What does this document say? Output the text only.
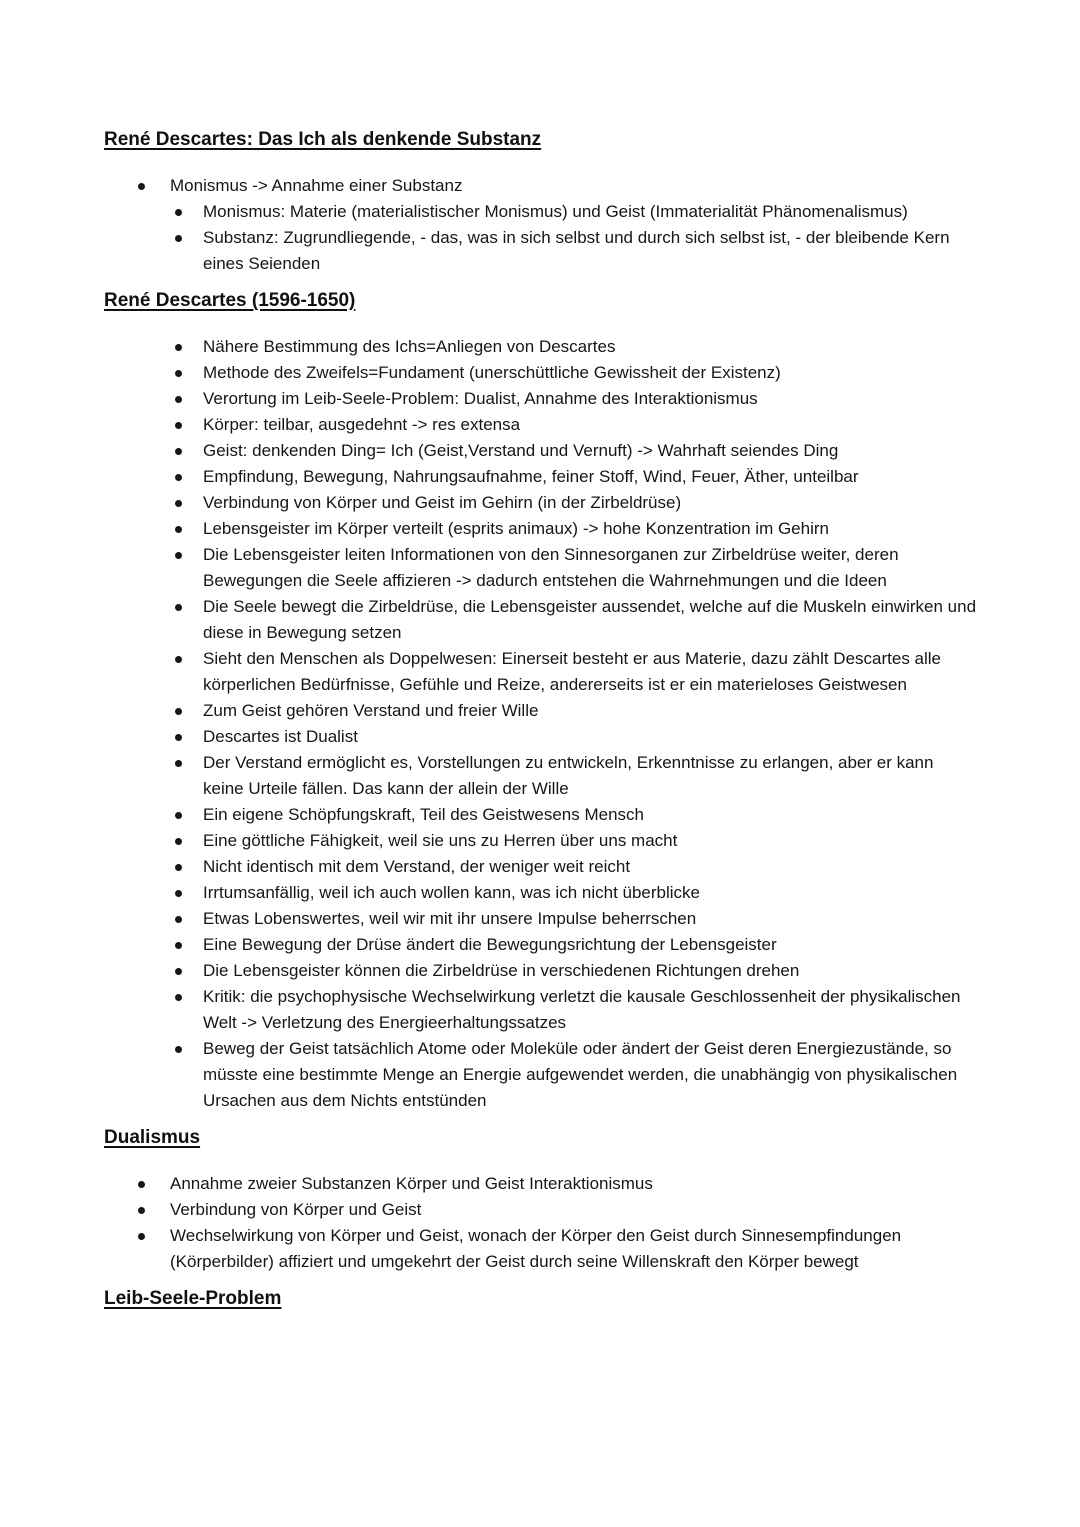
René Descartes: Das Ich als denkende Substanz
Monismus -> Annahme einer Substanz
Monismus: Materie (materialistischer Monismus) und Geist (Immaterialität Phänomenalismus)
Substanz: Zugrundliegende, - das, was in sich selbst und durch sich selbst ist, - der bleibende Kern eines Seienden
René Descartes (1596-1650)
Nähere Bestimmung des Ichs=Anliegen von Descartes
Methode des Zweifels=Fundament (unerschüttliche Gewissheit der Existenz)
Verortung im Leib-Seele-Problem: Dualist, Annahme des Interaktionismus
Körper: teilbar, ausgedehnt -> res extensa
Geist: denkenden Ding= Ich (Geist,Verstand und Vernuft) -> Wahrhaft seiendes Ding
Empfindung, Bewegung, Nahrungsaufnahme, feiner Stoff, Wind, Feuer, Äther, unteilbar
Verbindung von Körper und Geist im Gehirn (in der Zirbeldrüse)
Lebensgeister im Körper verteilt (esprits animaux) -> hohe Konzentration im Gehirn
Die Lebensgeister leiten Informationen von den Sinnesorganen zur Zirbeldrüse weiter, deren Bewegungen die Seele affizieren -> dadurch entstehen die Wahrnehmungen und die Ideen
Die Seele bewegt die Zirbeldrüse, die Lebensgeister aussendet, welche auf die Muskeln einwirken und diese in Bewegung setzen
Sieht den Menschen als Doppelwesen: Einerseit besteht er aus Materie, dazu zählt Descartes alle körperlichen Bedürfnisse, Gefühle und Reize, andererseits ist er ein materieloses Geistwesen
Zum Geist gehören Verstand und freier Wille
Descartes ist Dualist
Der Verstand ermöglicht es, Vorstellungen zu entwickeln, Erkenntnisse zu erlangen, aber er kann keine Urteile fällen. Das kann der allein der Wille
Ein eigene Schöpfungskraft, Teil des Geistwesens Mensch
Eine göttliche Fähigkeit, weil sie uns zu Herren über uns macht
Nicht identisch mit dem Verstand, der weniger weit reicht
Irrtumsanfällig, weil ich auch wollen kann, was ich nicht überblicke
Etwas Lobenswertes, weil wir mit ihr unsere Impulse beherrschen
Eine Bewegung der Drüse ändert die Bewegungsrichtung der Lebensgeister
Die Lebensgeister können die Zirbeldrüse in verschiedenen Richtungen drehen
Kritik: die psychophysische Wechselwirkung verletzt die kausale Geschlossenheit der physikalischen Welt -> Verletzung des Energieerhaltungssatzes
Beweg der Geist tatsächlich Atome oder Moleküle oder ändert der Geist deren Energiezustände, so müsste eine bestimmte Menge an Energie aufgewendet werden, die unabhängig von physikalischen Ursachen aus dem Nichts entstünden
Dualismus
Annahme zweier Substanzen Körper und Geist Interaktionismus
Verbindung von Körper und Geist
Wechselwirkung von Körper und Geist, wonach der Körper den Geist durch Sinnesempfindungen (Körperbilder) affiziert und umgekehrt der Geist durch seine Willenskraft den Körper bewegt
Leib-Seele-Problem
